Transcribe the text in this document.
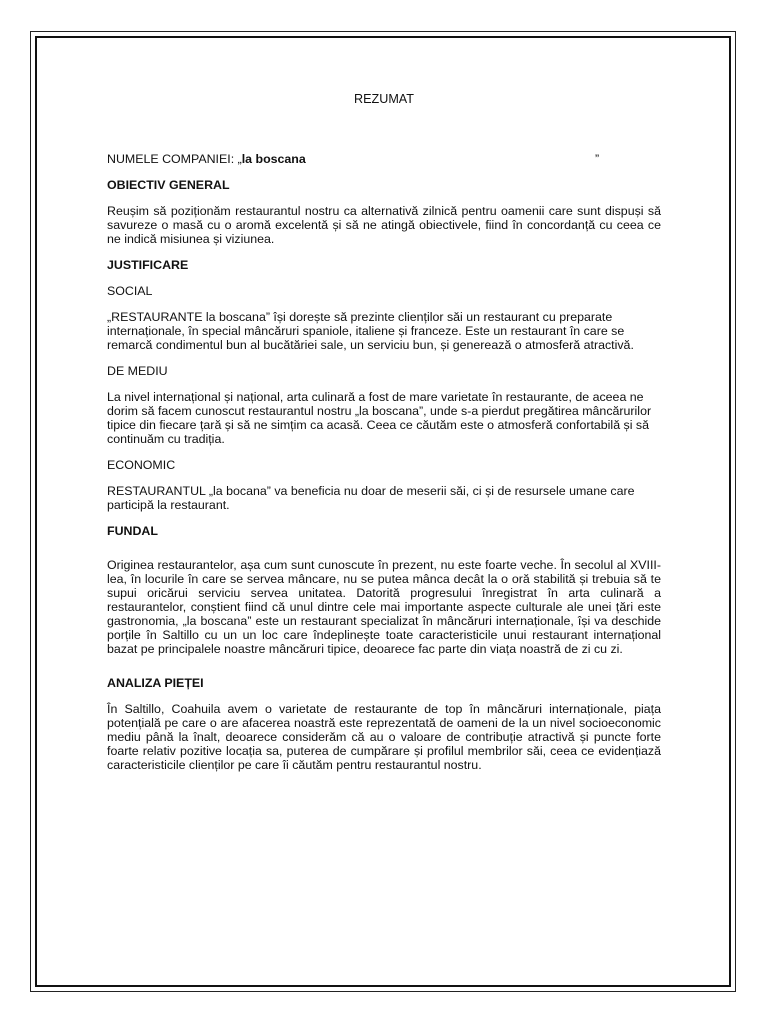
REZUMAT
NUMELE COMPANIEI: „la boscana	”
OBIECTIV GENERAL
Reușim să poziționăm restaurantul nostru ca alternativă zilnică pentru oamenii care sunt dispuși să savureze o masă cu o aromă excelentă și să ne atingă obiectivele, fiind în concordanță cu ceea ce ne indică misiunea și viziunea.
JUSTIFICARE
SOCIAL
„RESTAURANTE la boscana” își dorește să prezinte clienților săi un restaurant cu preparate internaționale, în special mâncăruri spaniole, italiene și franceze. Este un restaurant în care se remarcă condimentul bun al bucătăriei sale, un serviciu bun, și generează o atmosferă atractivă.
DE MEDIU
La nivel internațional și național, arta culinară a fost de mare varietate în restaurante, de aceea ne dorim să facem cunoscut restaurantul nostru „la boscana”, unde s-a pierdut pregătirea mâncărurilor tipice din fiecare țară și să ne simțim ca acasă. Ceea ce căutăm este o atmosferă confortabilă și să continuăm cu tradiția.
ECONOMIC
RESTAURANTUL „la bocana” va beneficia nu doar de meserii săi, ci și de resursele umane care participă la restaurant.
FUNDAL
Originea restaurantelor, așa cum sunt cunoscute în prezent, nu este foarte veche. În secolul al XVIII-lea, în locurile în care se servea mâncare, nu se putea mânca decât la o oră stabilită și trebuia să te supui oricărui serviciu servea unitatea. Datorită progresului înregistrat în arta culinară a restaurantelor, conștient fiind că unul dintre cele mai importante aspecte culturale ale unei țări este gastronomia, „la boscana” este un restaurant specializat în mâncăruri internaționale, își va deschide porțile în Saltillo cu un un loc care îndeplinește toate caracteristicile unui restaurant internațional bazat pe principalele noastre mâncăruri tipice, deoarece fac parte din viața noastră de zi cu zi.
ANALIZA PIEȚEI
În Saltillo, Coahuila avem o varietate de restaurante de top în mâncăruri internaționale, piața potențială pe care o are afacerea noastră este reprezentată de oameni de la un nivel socioeconomic mediu până la înalt, deoarece considerăm că au o valoare de contribuție atractivă și puncte forte foarte relativ pozitive locația sa, puterea de cumpărare și profilul membrilor săi, ceea ce evidențiază caracteristicile clienților pe care îi căutăm pentru restaurantul nostru.
